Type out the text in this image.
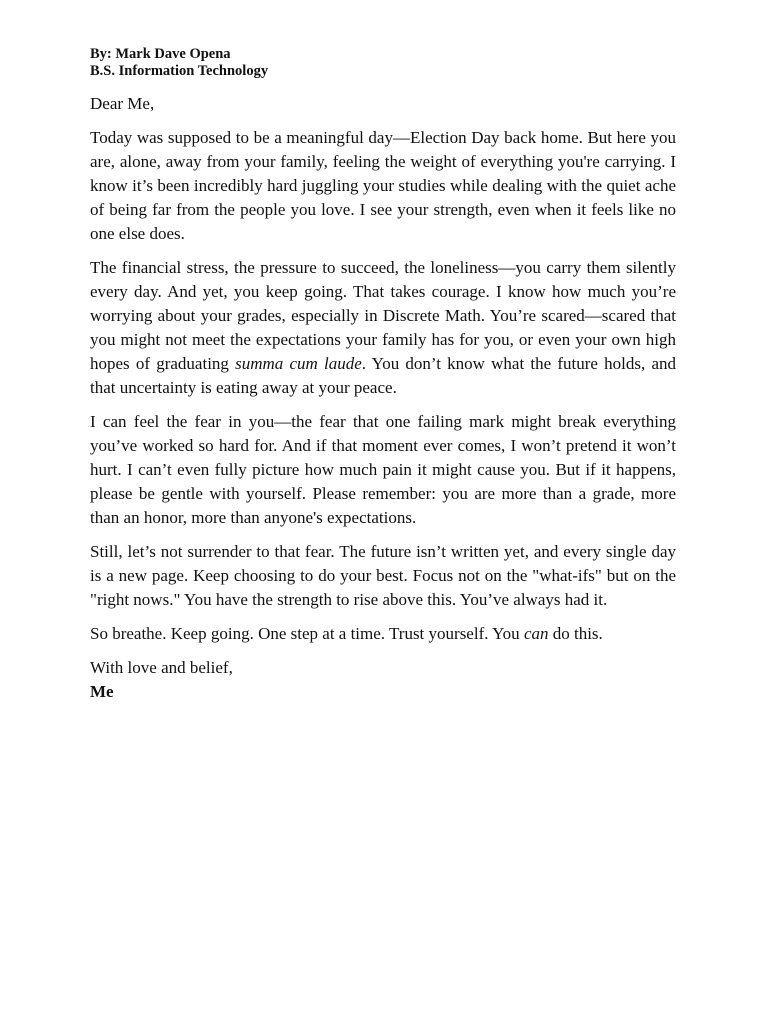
By: Mark Dave Opena
B.S. Information Technology
Dear Me,

Today was supposed to be a meaningful day—Election Day back home. But here you are, alone, away from your family, feeling the weight of everything you're carrying. I know it’s been incredibly hard juggling your studies while dealing with the quiet ache of being far from the people you love. I see your strength, even when it feels like no one else does.

The financial stress, the pressure to succeed, the loneliness—you carry them silently every day. And yet, you keep going. That takes courage. I know how much you’re worrying about your grades, especially in Discrete Math. You’re scared—scared that you might not meet the expectations your family has for you, or even your own high hopes of graduating summa cum laude. You don’t know what the future holds, and that uncertainty is eating away at your peace.

I can feel the fear in you—the fear that one failing mark might break everything you’ve worked so hard for. And if that moment ever comes, I won’t pretend it won’t hurt. I can’t even fully picture how much pain it might cause you. But if it happens, please be gentle with yourself. Please remember: you are more than a grade, more than an honor, more than anyone's expectations.

Still, let’s not surrender to that fear. The future isn’t written yet, and every single day is a new page. Keep choosing to do your best. Focus not on the "what-ifs" but on the "right nows." You have the strength to rise above this. You’ve always had it.

So breathe. Keep going. One step at a time. Trust yourself. You can do this.

With love and belief,
Me
